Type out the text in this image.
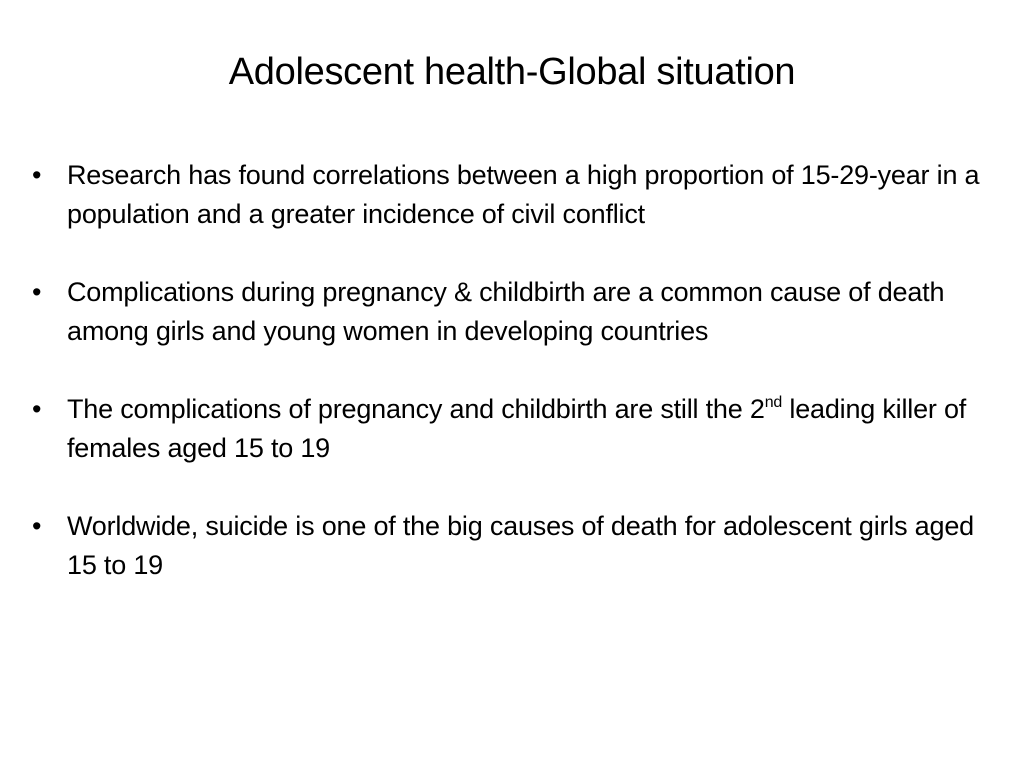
Adolescent health-Global situation
• Research has found correlations between a high proportion of 15-29-year in a population and a greater incidence of civil conflict
• Complications during pregnancy & childbirth are a common cause of death among girls and young women in developing countries
• The complications of pregnancy and childbirth are still the 2nd leading killer of females aged 15 to 19
• Worldwide, suicide is one of the big causes of death for adolescent girls aged 15 to 19
